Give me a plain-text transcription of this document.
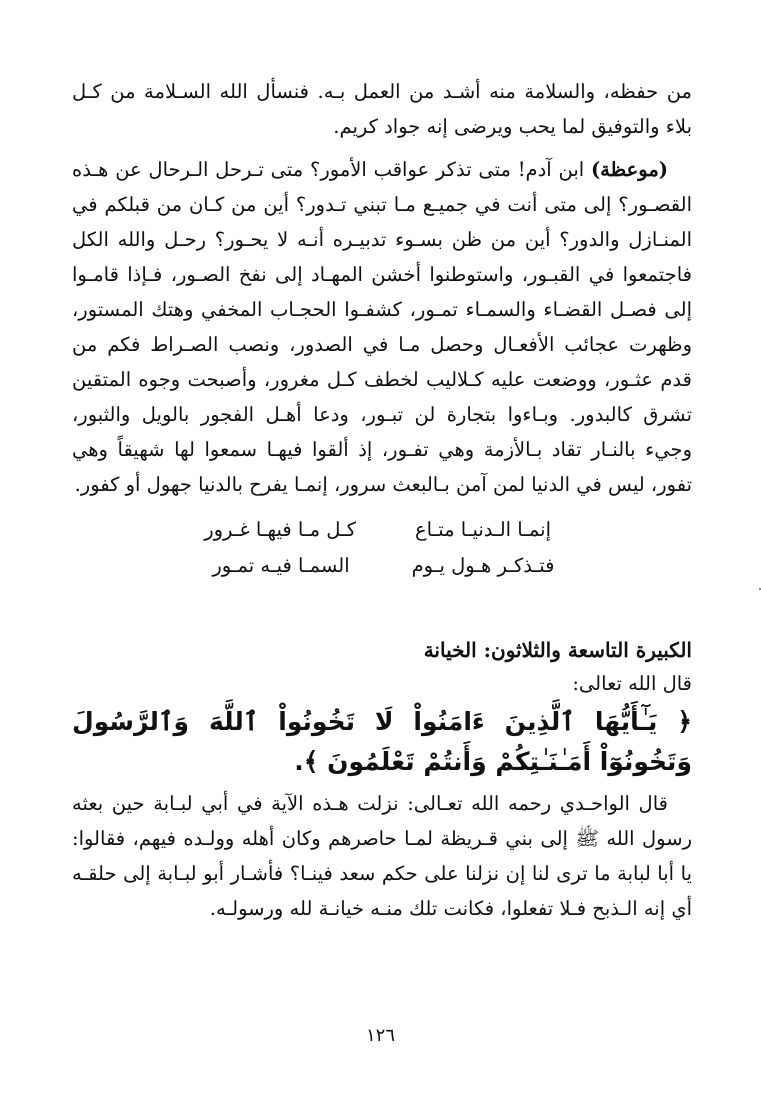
من حفظه، والسلامة منه أشـد من العمل بـه. فنسأل الله السـلامة من كـل بلاء والتوفيق لما يحب ويرضى إنه جواد كريم.

(موعظة) ابن آدم! متى تذكر عواقب الأمور؟ متى تـرحل الـرحال عن هـذه القصـور؟ إلى متى أنت في جميـع مـا تبني تـدور؟ أين من كـان من قبلكم في المنـازل والدور؟ أين من ظن بسـوء تدبيـره أنـه لا يحـور؟ رحـل والله الكل فاجتمعوا في القبـور، واستوطنوا أخشن المهـاد إلى نفخ الصـور، فـإذا قامـوا إلى فصـل القضـاء والسمـاء تمـور، كشفـوا الحجـاب المخفي وهتك المستور، وظهرت عجائب الأفعـال وحصل مـا في الصدور، ونصب الصـراط فكم من قدم عثـور، ووضعت عليه كـلاليب لخطف كـل مغرور، وأصبحت وجوه المتقين تشرق كالبدور. وبـاءوا بتجارة لن تبـور، ودعا أهـل الفجور بالويل والثبور، وجيء بالنـار تقاد بـالأزمة وهي تفـور، إذ ألقوا فيهـا سمعوا لها شهيقاً وهي تفور، ليس في الدنيا لمن آمن بـالبعث سرور، إنمـا يفرح بالدنيا جهول أو كفور.

إنمـا الـدنيـا متـاع
كـل مـا فيهـا غـرور
فتـذكـر هـول يـوم
السمـا فيـه تمـور
الكبيرة التاسعة والثلاثون: الخيانة
قال الله تعالى:
﴿ يَـٰٓأَيُّهَا ٱلَّذِينَ ءَامَنُواْ لَا تَخُونُواْ ٱللَّهَ وَٱلرَّسُولَ وَتَخُونُوٓاْ أَمَـٰنَـٰتِكُمْ وَأَنتُمْ تَعْلَمُونَ ﴾.

قال الواحـدي رحمه الله تعـالى: نزلت هـذه الآية في أبي لبـابة حين بعثه رسول الله ﷺ إلى بني قـريظة لمـا حاصرهم وكان أهله وولـده فيهم، فقالوا: يا أبا لبابة ما ترى لنا إن نزلنا على حكم سعد فينـا؟ فأشـار أبو لبـابة إلى حلقـه أي إنه الـذبح فـلا تفعلوا، فكانت تلك منـه خيانـة لله ورسولـه.

١٢٦
